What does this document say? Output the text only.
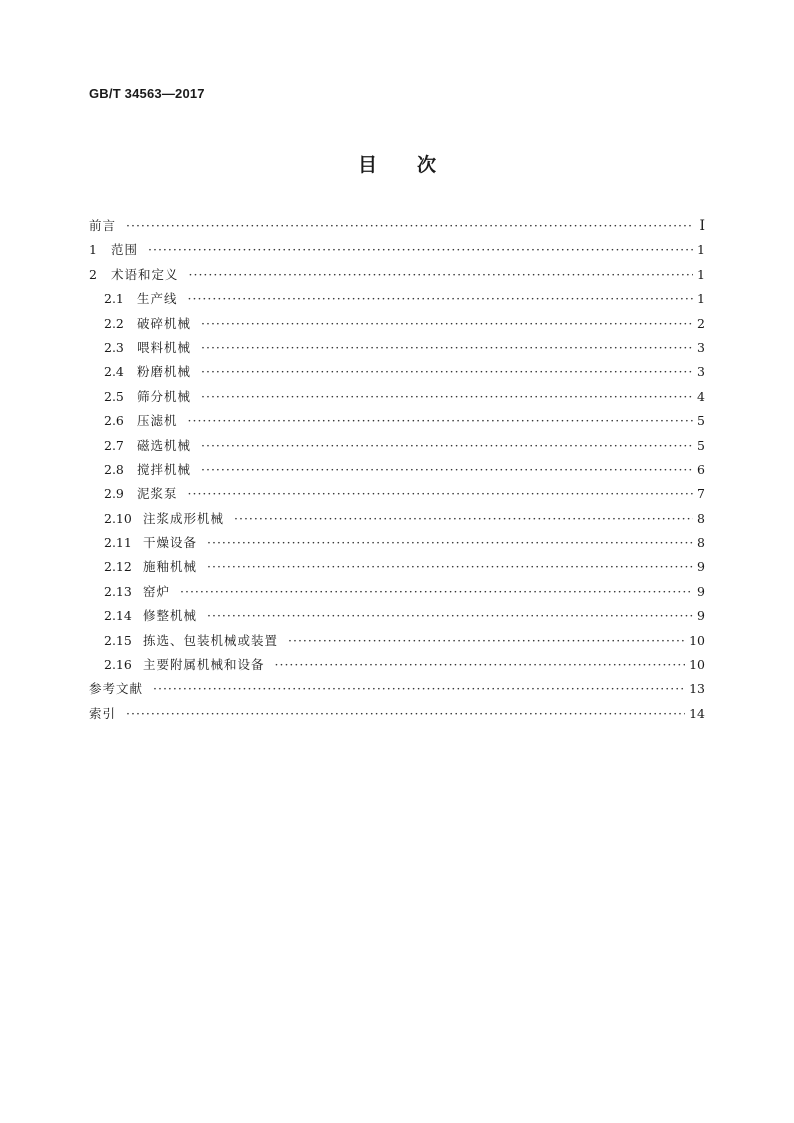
GB/T 34563—2017
目次
前言 ·····	Ⅰ
1	范围 ·····	1
2	术语和定义 ·····	1
2.1	生产线 ·····	1
2.2	破碎机械 ·····	2
2.3	喂料机械 ·····	3
2.4	粉磨机械 ·····	3
2.5	筛分机械 ·····	4
2.6	压滤机 ·····	5
2.7	磁选机械 ·····	5
2.8	搅拌机械 ·····	6
2.9	泥浆泵 ·····	7
2.10 注浆成形机械 ·····	8
2.11 干燥设备 ·····	8
2.12 施釉机械 ·····	9
2.13 窑炉 ·····	9
2.14 修整机械 ·····	9
2.15 拣选、包装机械或装置 ·····	10
2.16 主要附属机械和设备 ·····	10
参考文献 ·····	13
索引 ·····	14
